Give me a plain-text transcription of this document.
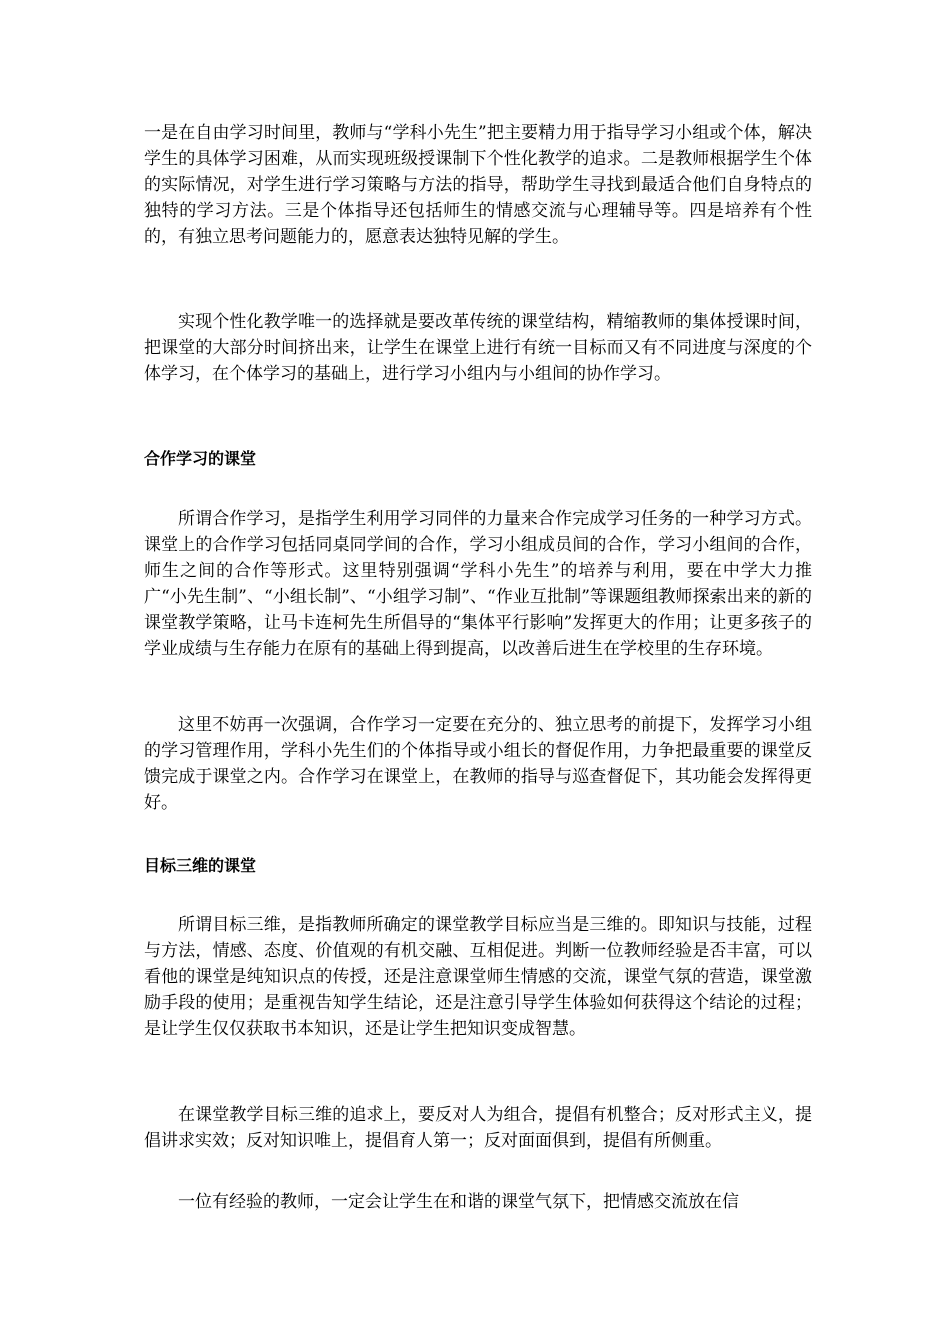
一是在自由学习时间里，教师与“学科小先生”把主要精力用于指导学习小组或个体，解决学生的具体学习困难，从而实现班级授课制下个性化教学的追求。二是教师根据学生个体的实际情况，对学生进行学习策略与方法的指导，帮助学生寻找到最适合他们自身特点的独特的学习方法。三是个体指导还包括师生的情感交流与心理辅导等。四是培养有个性的，有独立思考问题能力的，愿意表达独特见解的学生。

实现个性化教学唯一的选择就是要改革传统的课堂结构，精缩教师的集体授课时间，把课堂的大部分时间挤出来，让学生在课堂上进行有统一目标而又有不同进度与深度的个体学习，在个体学习的基础上，进行学习小组内与小组间的协作学习。

合作学习的课堂

所谓合作学习，是指学生利用学习同伴的力量来合作完成学习任务的一种学习方式。课堂上的合作学习包括同桌同学间的合作，学习小组成员间的合作，学习小组间的合作，师生之间的合作等形式。这里特别强调“学科小先生”的培养与利用，要在中学大力推广“小先生制”、“小组长制”、“小组学习制”、“作业互批制”等课题组教师探索出来的新的课堂教学策略，让马卡连柯先生所倡导的“集体平行影响”发挥更大的作用；让更多孩子的学业成绩与生存能力在原有的基础上得到提高，以改善后进生在学校里的生存环境。

这里不妨再一次强调，合作学习一定要在充分的、独立思考的前提下，发挥学习小组的学习管理作用，学科小先生们的个体指导或小组长的督促作用，力争把最重要的课堂反馈完成于课堂之内。合作学习在课堂上，在教师的指导与巡查督促下，其功能会发挥得更好。

目标三维的课堂

所谓目标三维，是指教师所确定的课堂教学目标应当是三维的。即知识与技能，过程与方法，情感、态度、价值观的有机交融、互相促进。判断一位教师经验是否丰富，可以看他的课堂是纯知识点的传授，还是注意课堂师生情感的交流，课堂气氛的营造，课堂激励手段的使用；是重视告知学生结论，还是注意引导学生体验如何获得这个结论的过程；是让学生仅仅获取书本知识，还是让学生把知识变成智慧。

在课堂教学目标三维的追求上，要反对人为组合，提倡有机整合；反对形式主义，提倡讲求实效；反对知识唯上，提倡育人第一；反对面面俱到，提倡有所侧重。

一位有经验的教师，一定会让学生在和谐的课堂气氛下，把情感交流放在信
